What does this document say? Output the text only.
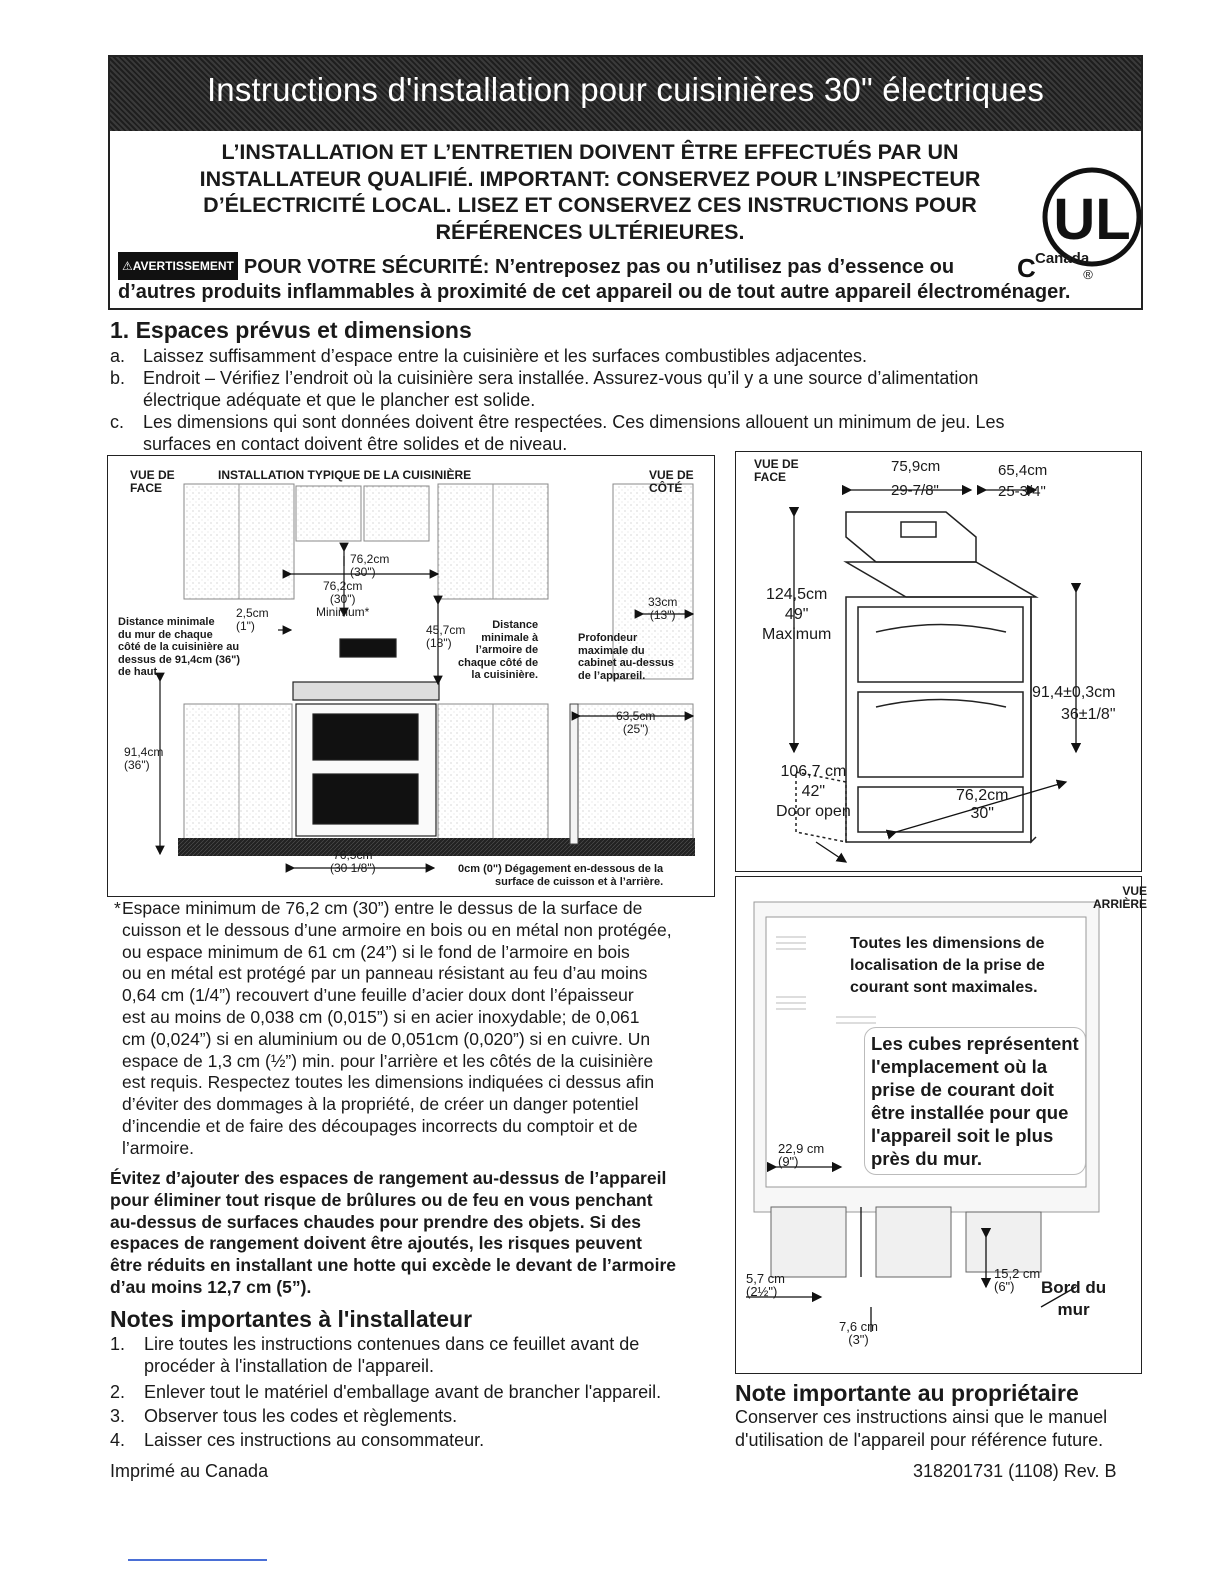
Instructions d'installation pour cuisinières 30" électriques
L’INSTALLATION ET L’ENTRETIEN DOIVENT ÊTRE EFFECTUÉS PAR UN
INSTALLATEUR QUALIFIÉ. IMPORTANT: CONSERVEZ POUR L’INSPECTEUR
D’ÉLECTRICITÉ LOCAL. LISEZ ET CONSERVEZ CES INSTRUCTIONS POUR
RÉFÉRENCES ULTÉRIEURES.	UL
C	®
Canada
⚠AVERTISSEMENT POUR VOTRE SÉCURITÉ: N’entreposez pas ou n’utilisez pas d’essence ou
d’autres produits inflammables à proximité de cet appareil ou de tout autre appareil électroménager.
1. Espaces prévus et dimensions
a. Laissez suffisamment d’espace entre la cuisinière et les surfaces combustibles adjacentes.
b. Endroit – Vérifiez l’endroit où la cuisinière sera installée. Assurez-vous qu’il y a une source d’alimentation
électrique adéquate et que le plancher est solide.
c. Les dimensions qui sont données doivent être respectées. Ces dimensions allouent un minimum de jeu. Les
surfaces en contact doivent être solides et de niveau.
VUE DE
FACE
INSTALLATION TYPIQUE DE LA CUISINIÈRE	VUE DE
CÔTÉ
76,2cm
(30")
76,2cm
(30")
Minimum*
2,5cm
(1")
Distance minimale
du mur de chaque
côté de la cuisinière au
dessus de 91,4cm (36")
de haut.
45,7cm
(18")
Distance
minimale à
l’armoire de
chaque côté de
la cuisinière.
33cm
(13")
Profondeur
maximale du
cabinet au-dessus
de l’appareil.
63,5cm
(25")
91,4cm
(36")
76,5cm
(30 1/8")	0cm (0") Dégagement en-dessous de la
surface de cuisson et à l’arrière.
VUE DE
FACE
75,9cm
29-7/8"
65,4cm
25-3/4"
124,5cm
49"
Maximum
91,4±0,3cm
36±1/8"
106,7 cm
42"
Door open
76,2cm
30"
VUE
ARRIÈRE
Toutes les dimensions de
localisation de la prise de
courant sont maximales.
Les cubes représentent
l'emplacement où la
prise de courant doit
être installée pour que
l'appareil soit le plus
près du mur.
22,9 cm
(9")
5,7 cm
(2½")
7,6 cm
(3")
15,2 cm
(6")	Bord du
mur
* Espace minimum de 76,2 cm (30”) entre le dessus de la surface de
cuisson et le dessous d’une armoire en bois ou en métal non protégée,
ou espace minimum de 61 cm (24”) si le fond de l’armoire en bois
ou en métal est protégé par un panneau résistant au feu d’au moins
0,64 cm (1/4”) recouvert d’une feuille d’acier doux dont l’épaisseur
est au moins de 0,038 cm (0,015”) si en acier inoxydable; de 0,061
cm (0,024”) si en aluminium ou de 0,051cm (0,020”) si en cuivre. Un
espace de 1,3 cm (½”) min. pour l’arrière et les côtés de la cuisinière
est requis. Respectez toutes les dimensions indiquées ci dessus afin
d’éviter des dommages à la propriété, de créer un danger potentiel
d’incendie et de faire des découpages incorrects du comptoir et de
l’armoire.
Évitez d’ajouter des espaces de rangement au-dessus de l’appareil
pour éliminer tout risque de brûlures ou de feu en vous penchant
au-dessus de surfaces chaudes pour prendre des objets. Si des
espaces de rangement doivent être ajoutés, les risques peuvent
être réduits en installant une hotte qui excède le devant de l’armoire
d’au moins 12,7 cm (5”).
Notes importantes à l'installateur
1. Lire toutes les instructions contenues dans ce feuillet avant de
procéder à l'installation de l'appareil.
2. Enlever tout le matériel d'emballage avant de brancher l'appareil.
3. Observer tous les codes et règlements.
4. Laisser ces instructions au consommateur.
Note importante au propriétaire
Conserver ces instructions ainsi que le manuel
d'utilisation de l'appareil pour référence future.
Imprimé au Canada	318201731 (1108) Rev. B
